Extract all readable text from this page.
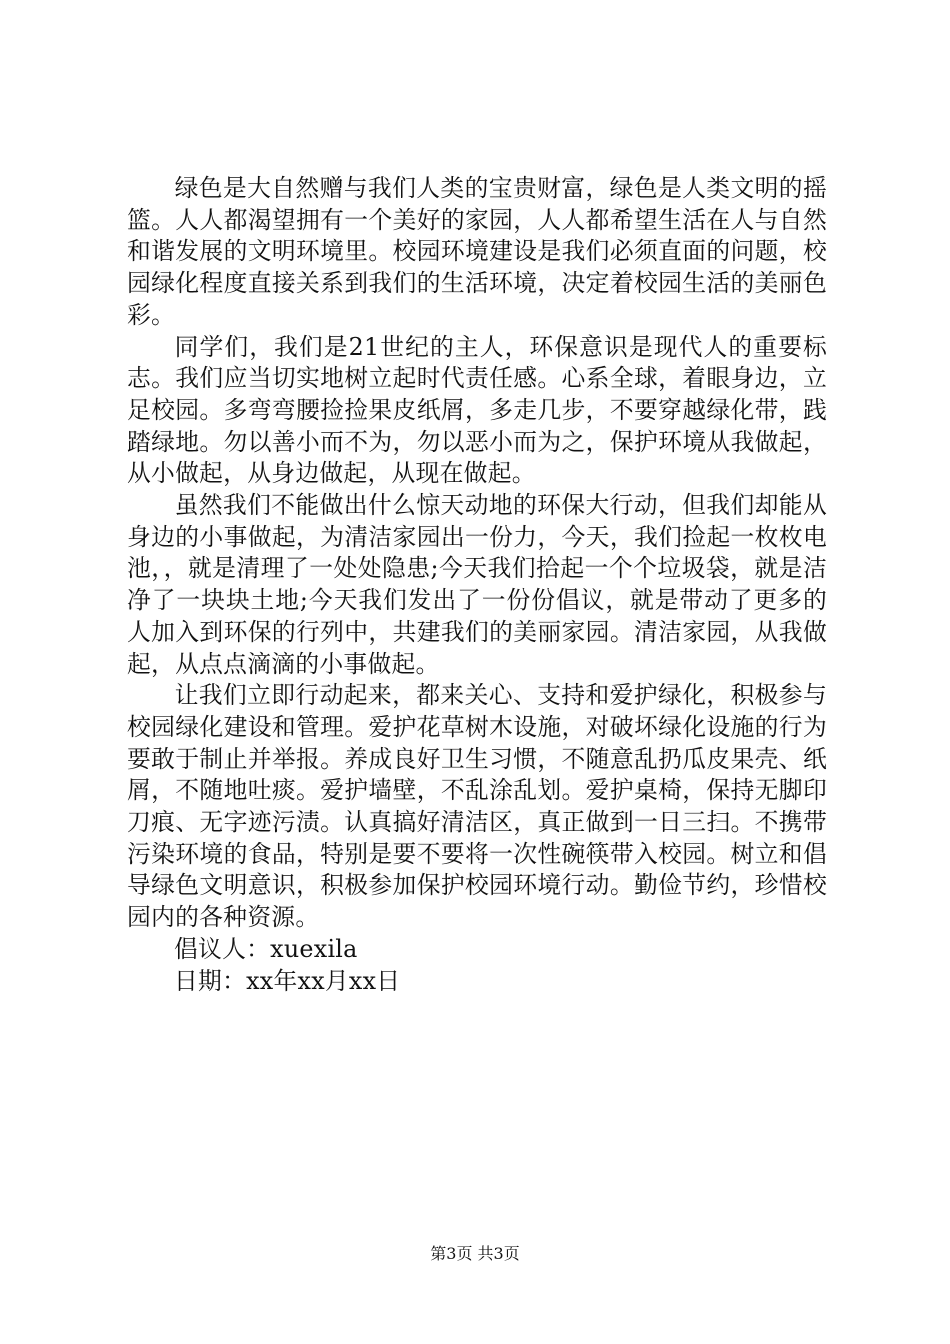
绿色是大自然赠与我们人类的宝贵财富，绿色是人类文明的摇篮。人人都渴望拥有一个美好的家园，人人都希望生活在人与自然和谐发展的文明环境里。校园环境建设是我们必须直面的问题，校园绿化程度直接关系到我们的生活环境，决定着校园生活的美丽色彩。

同学们，我们是21世纪的主人，环保意识是现代人的重要标志。我们应当切实地树立起时代责任感。心系全球，着眼身边，立足校园。多弯弯腰捡捡果皮纸屑，多走几步，不要穿越绿化带，践踏绿地。勿以善小而不为，勿以恶小而为之，保护环境从我做起，从小做起，从身边做起，从现在做起。

虽然我们不能做出什么惊天动地的环保大行动，但我们却能从身边的小事做起，为清洁家园出一份力，今天，我们捡起一枚枚电池，，就是清理了一处处隐患;今天我们拾起一个个垃圾袋，就是洁净了一块块土地;今天我们发出了一份份倡议，就是带动了更多的人加入到环保的行列中，共建我们的美丽家园。清洁家园，从我做起，从点点滴滴的小事做起。

让我们立即行动起来，都来关心、支持和爱护绿化，积极参与校园绿化建设和管理。爱护花草树木设施，对破坏绿化设施的行为要敢于制止并举报。养成良好卫生习惯，不随意乱扔瓜皮果壳、纸屑，不随地吐痰。爱护墙壁，不乱涂乱划。爱护桌椅，保持无脚印刀痕、无字迹污渍。认真搞好清洁区，真正做到一日三扫。不携带污染环境的食品，特别是要不要将一次性碗筷带入校园。树立和倡导绿色文明意识，积极参加保护校园环境行动。勤俭节约，珍惜校园内的各种资源。

倡议人：xuexila

日期：xx年xx月xx日

第3页 共3页
